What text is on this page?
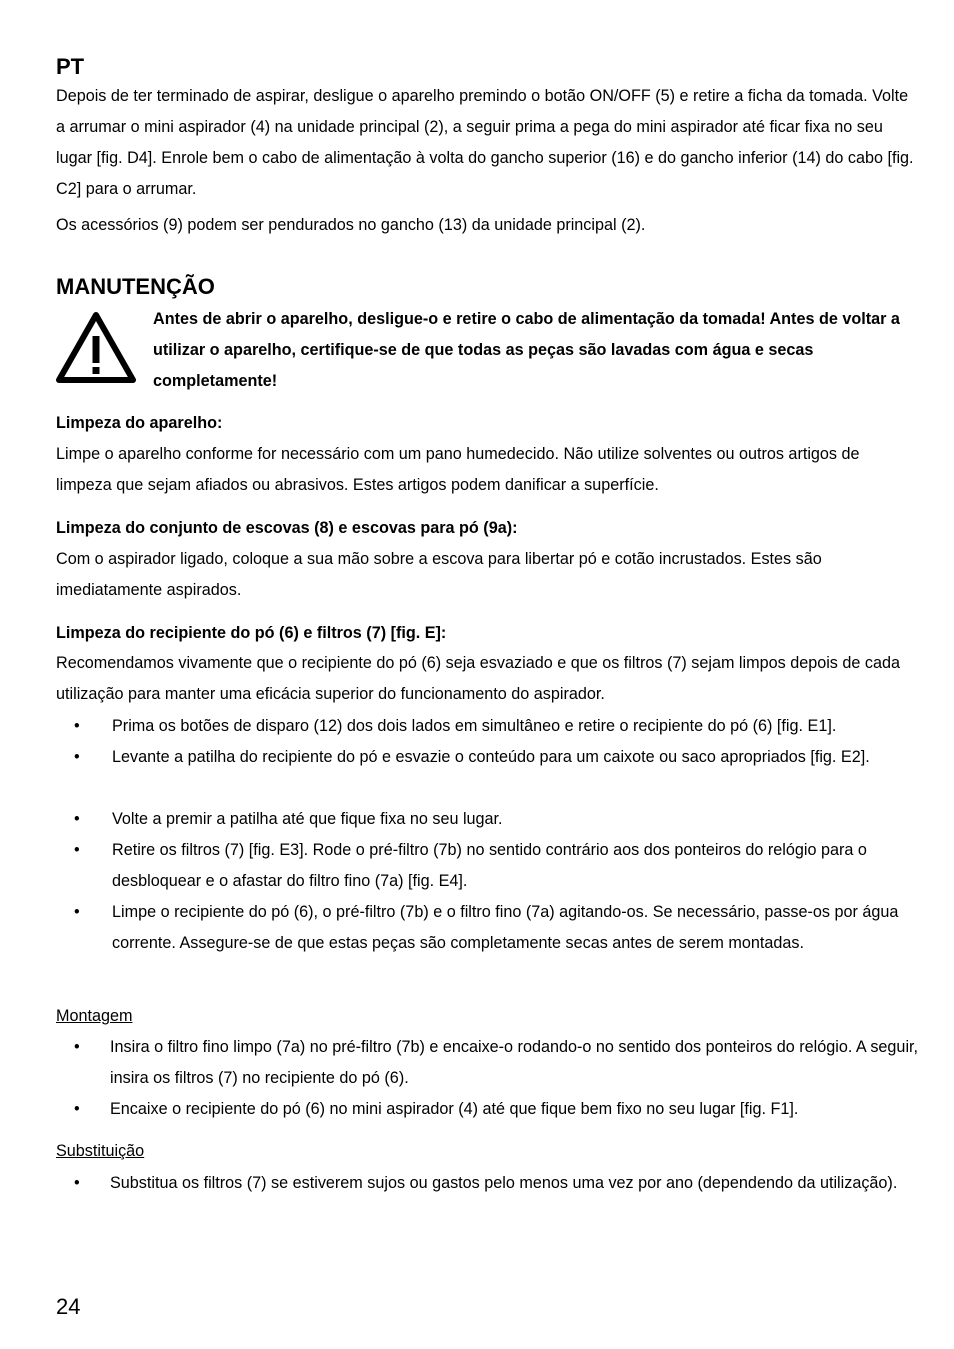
PT

Depois de ter terminado de aspirar, desligue o aparelho premindo o botão ON/OFF (5) e retire a ficha da tomada. Volte a arrumar o mini aspirador (4) na unidade principal (2), a seguir prima a pega do mini aspirador até ficar fixa no seu lugar [fig. D4]. Enrole bem o cabo de alimentação à volta do gancho superior (16) e do gancho inferior (14) do cabo [fig. C2] para o arrumar.

Os acessórios (9) podem ser pendurados no gancho (13) da unidade principal (2).

MANUTENÇÃO

Antes de abrir o aparelho, desligue-o e retire o cabo de alimentação da tomada! Antes de voltar a utilizar o aparelho, certifique-se de que todas as peças são lavadas com água e secas completamente!

Limpeza do aparelho:

Limpe o aparelho conforme for necessário com um pano humedecido. Não utilize solventes ou outros artigos de limpeza que sejam afiados ou abrasivos. Estes artigos podem danificar a superfície.

Limpeza do conjunto de escovas (8) e escovas para pó (9a):

Com o aspirador ligado, coloque a sua mão sobre a escova para libertar pó e cotão incrustados. Estes são imediatamente aspirados.

Limpeza do recipiente do pó (6) e filtros (7) [fig. E]:

Recomendamos vivamente que o recipiente do pó (6) seja esvaziado e que os filtros (7) sejam limpos depois de cada utilização para manter uma eficácia superior do funcionamento do aspirador.

• Prima os botões de disparo (12) dos dois lados em simultâneo e retire o recipiente do pó (6) [fig. E1].
• Levante a patilha do recipiente do pó e esvazie o conteúdo para um caixote ou saco apropriados [fig. E2].
• Volte a premir a patilha até que fique fixa no seu lugar.
• Retire os filtros (7) [fig. E3]. Rode o pré-filtro (7b) no sentido contrário aos dos ponteiros do relógio para o desbloquear e o afastar do filtro fino (7a) [fig. E4].
• Limpe o recipiente do pó (6), o pré-filtro (7b) e o filtro fino (7a) agitando-os. Se necessário, passe-os por água corrente. Assegure-se de que estas peças são completamente secas antes de serem montadas.
Montagem
• Insira o filtro fino limpo (7a) no pré-filtro (7b) e encaixe-o rodando-o no sentido dos ponteiros do relógio. A seguir, insira os filtros (7) no recipiente do pó (6).
• Encaixe o recipiente do pó (6) no mini aspirador (4) até que fique bem fixo no seu lugar [fig. F1].
Substituição
• Substitua os filtros (7) se estiverem sujos ou gastos pelo menos uma vez por ano (dependendo da utilização).
24
